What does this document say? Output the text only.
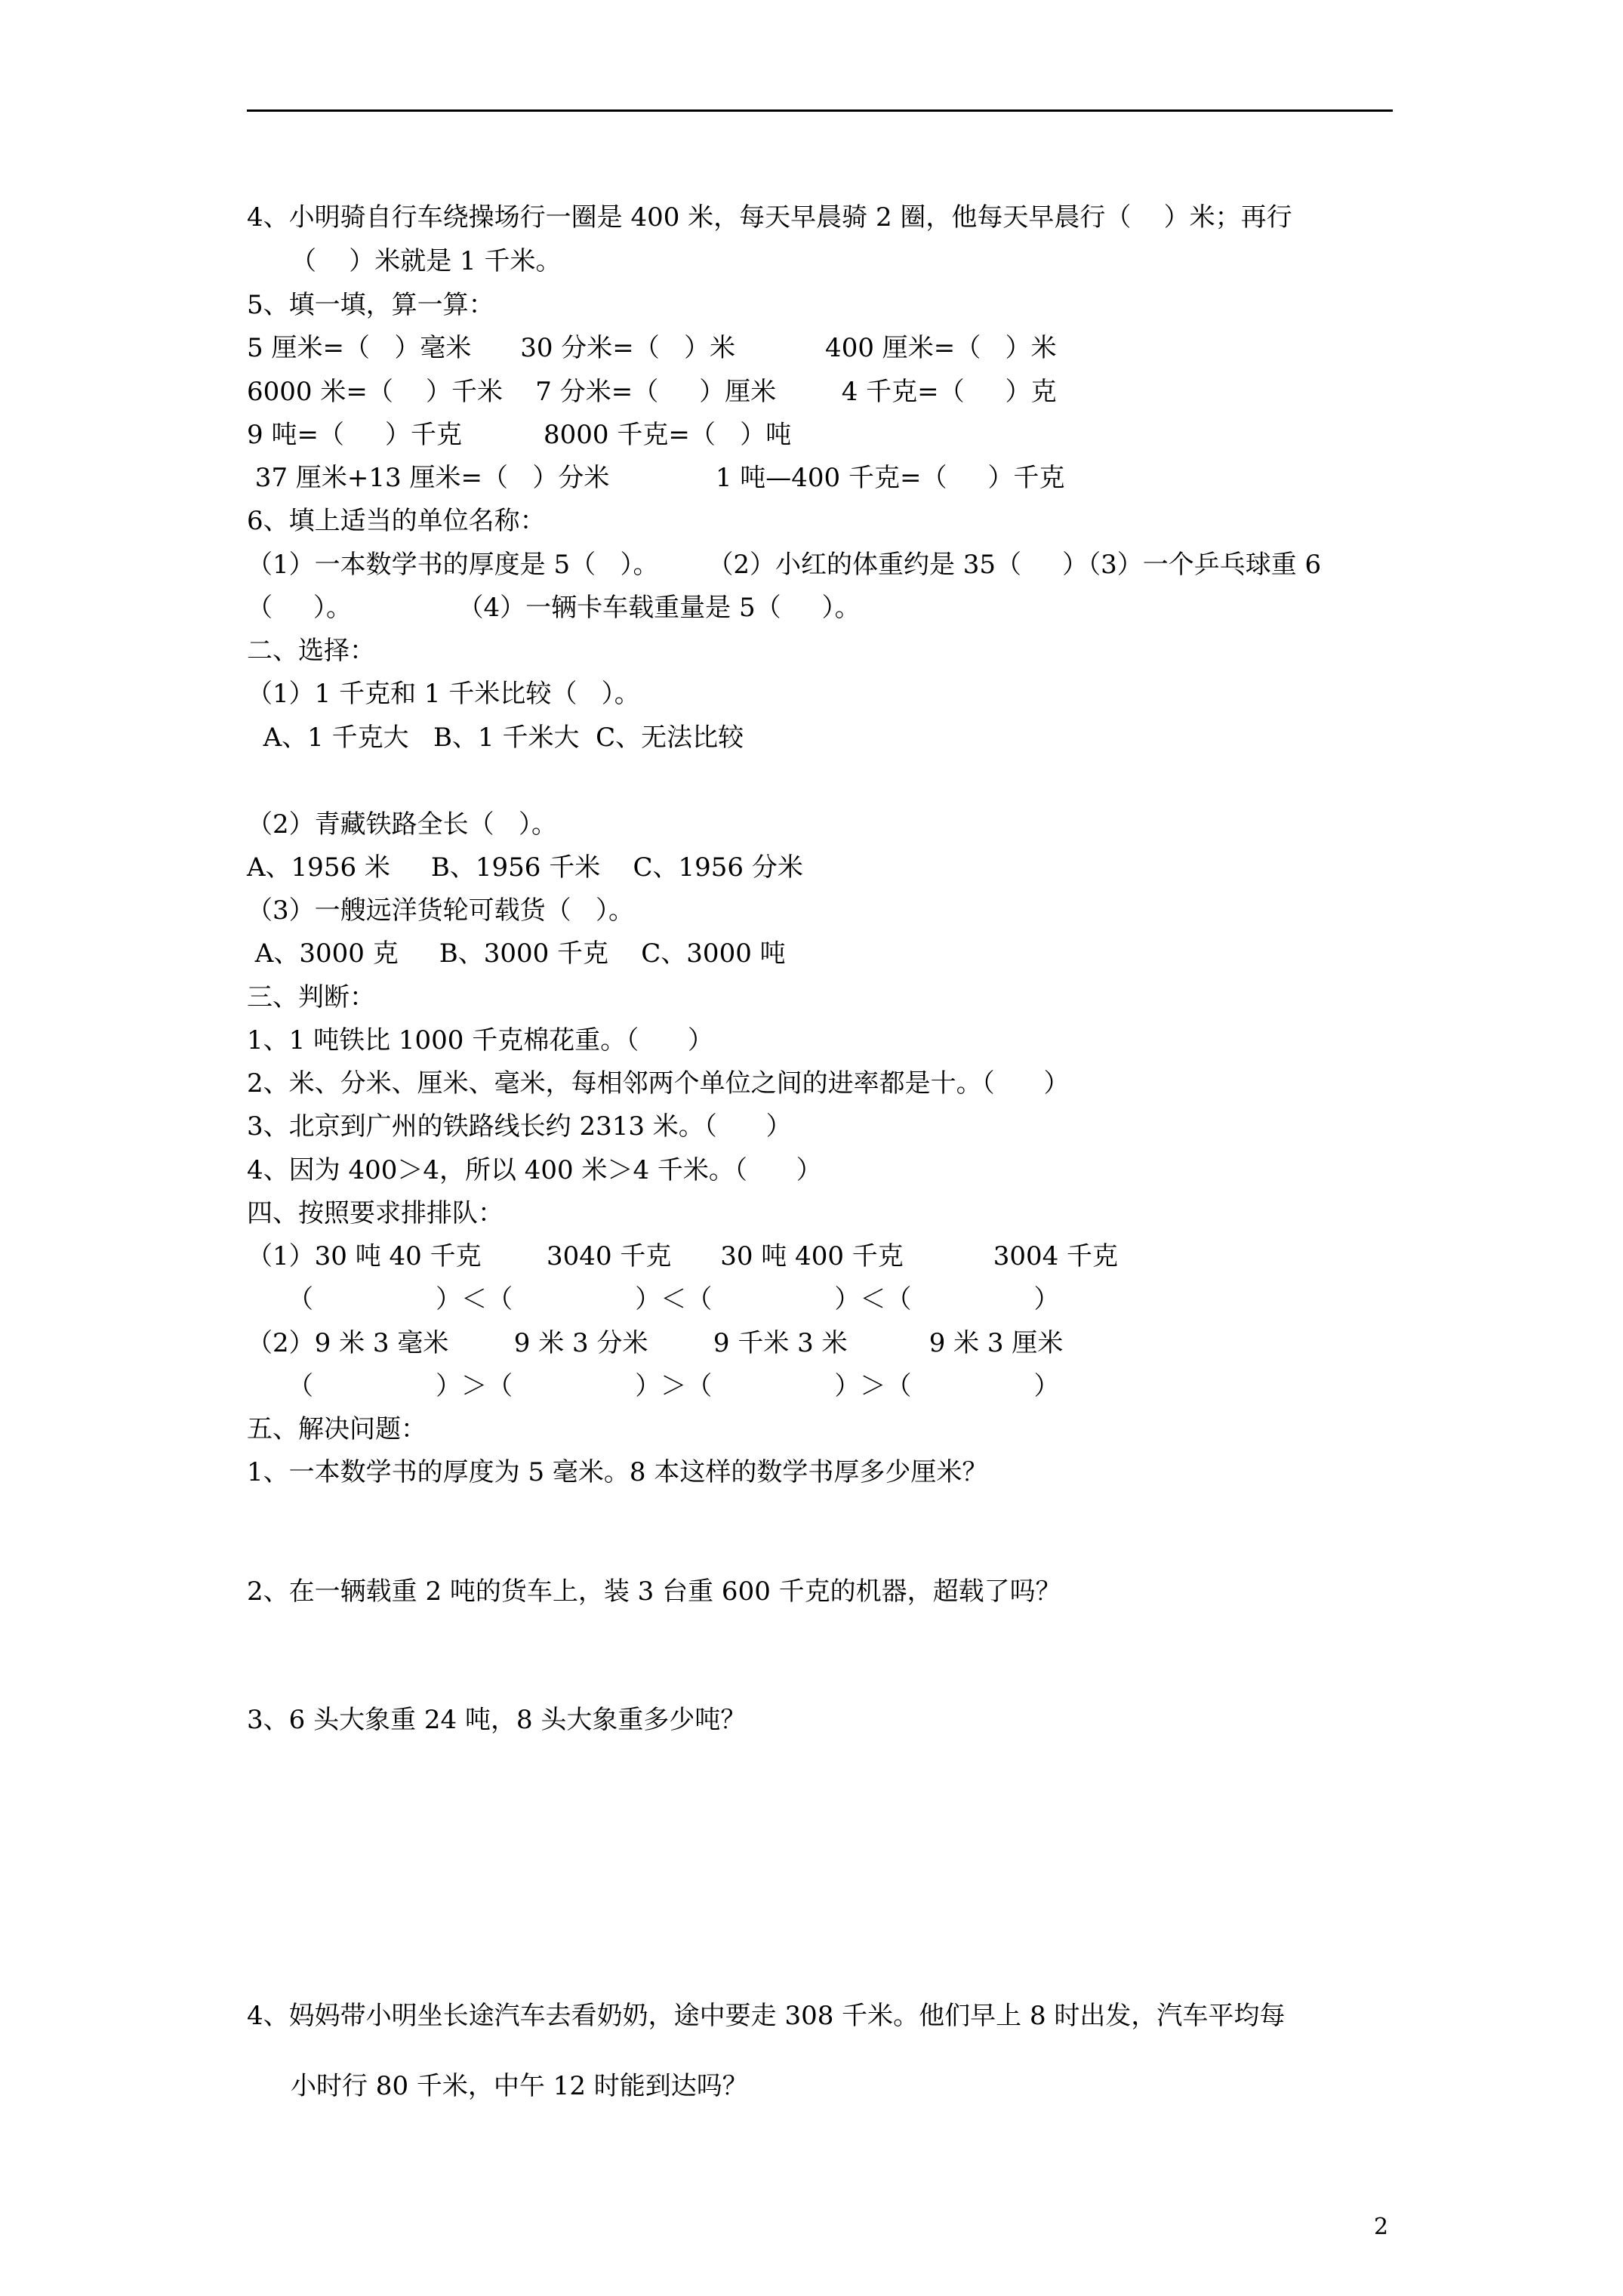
4、小明骑自行车绕操场行一圈是 400 米，每天早晨骑 2 圈，他每天早晨行（    ）米；再行
（    ）米就是 1 千米。
5、填一填，算一算：
5 厘米=（   ）毫米      30 分米=（   ）米           400 厘米=（   ）米
6000 米=（    ）千米    7 分米=（     ）厘米        4 千克=（     ）克
9 吨=（     ）千克          8000 千克=（   ）吨
37 厘米+13 厘米=（   ）分米             1 吨—400 千克=（     ）千克
6、填上适当的单位名称：
（1）一本数学书的厚度是 5（   ）。      （2）小红的体重约是 35（     ）（3）一个乒乓球重 6
（     ）。             （4）一辆卡车载重量是 5（     ）。
二、选择：
（1）1 千克和 1 千米比较（   ）。
A、1 千克大   B、1 千米大  C、无法比较
（2）青藏铁路全长（   ）。
A、1956 米     B、1956 千米    C、1956 分米
（3）一艘远洋货轮可载货（   ）。
A、3000 克     B、3000 千克    C、3000 吨
三、判断：
1、1 吨铁比 1000 千克棉花重。（      ）
2、米、分米、厘米、毫米，每相邻两个单位之间的进率都是十。（      ）
3、北京到广州的铁路线长约 2313 米。（      ）
4、因为 400＞4，所以 400 米＞4 千米。（      ）
四、按照要求排排队：
（1）30 吨 40 千克        3040 千克      30 吨 400 千克           3004 千克
（               ）＜（               ）＜（               ）＜（               ）
（2）9 米 3 毫米        9 米 3 分米        9 千米 3 米          9 米 3 厘米
（               ）＞（               ）＞（               ）＞（               ）
五、解决问题：
1、一本数学书的厚度为 5 毫米。8 本这样的数学书厚多少厘米？
2、在一辆载重 2 吨的货车上，装 3 台重 600 千克的机器，超载了吗？
3、6 头大象重 24 吨，8 头大象重多少吨？
4、妈妈带小明坐长途汽车去看奶奶，途中要走 308 千米。他们早上 8 时出发，汽车平均每
小时行 80 千米，中午 12 时能到达吗？
2
